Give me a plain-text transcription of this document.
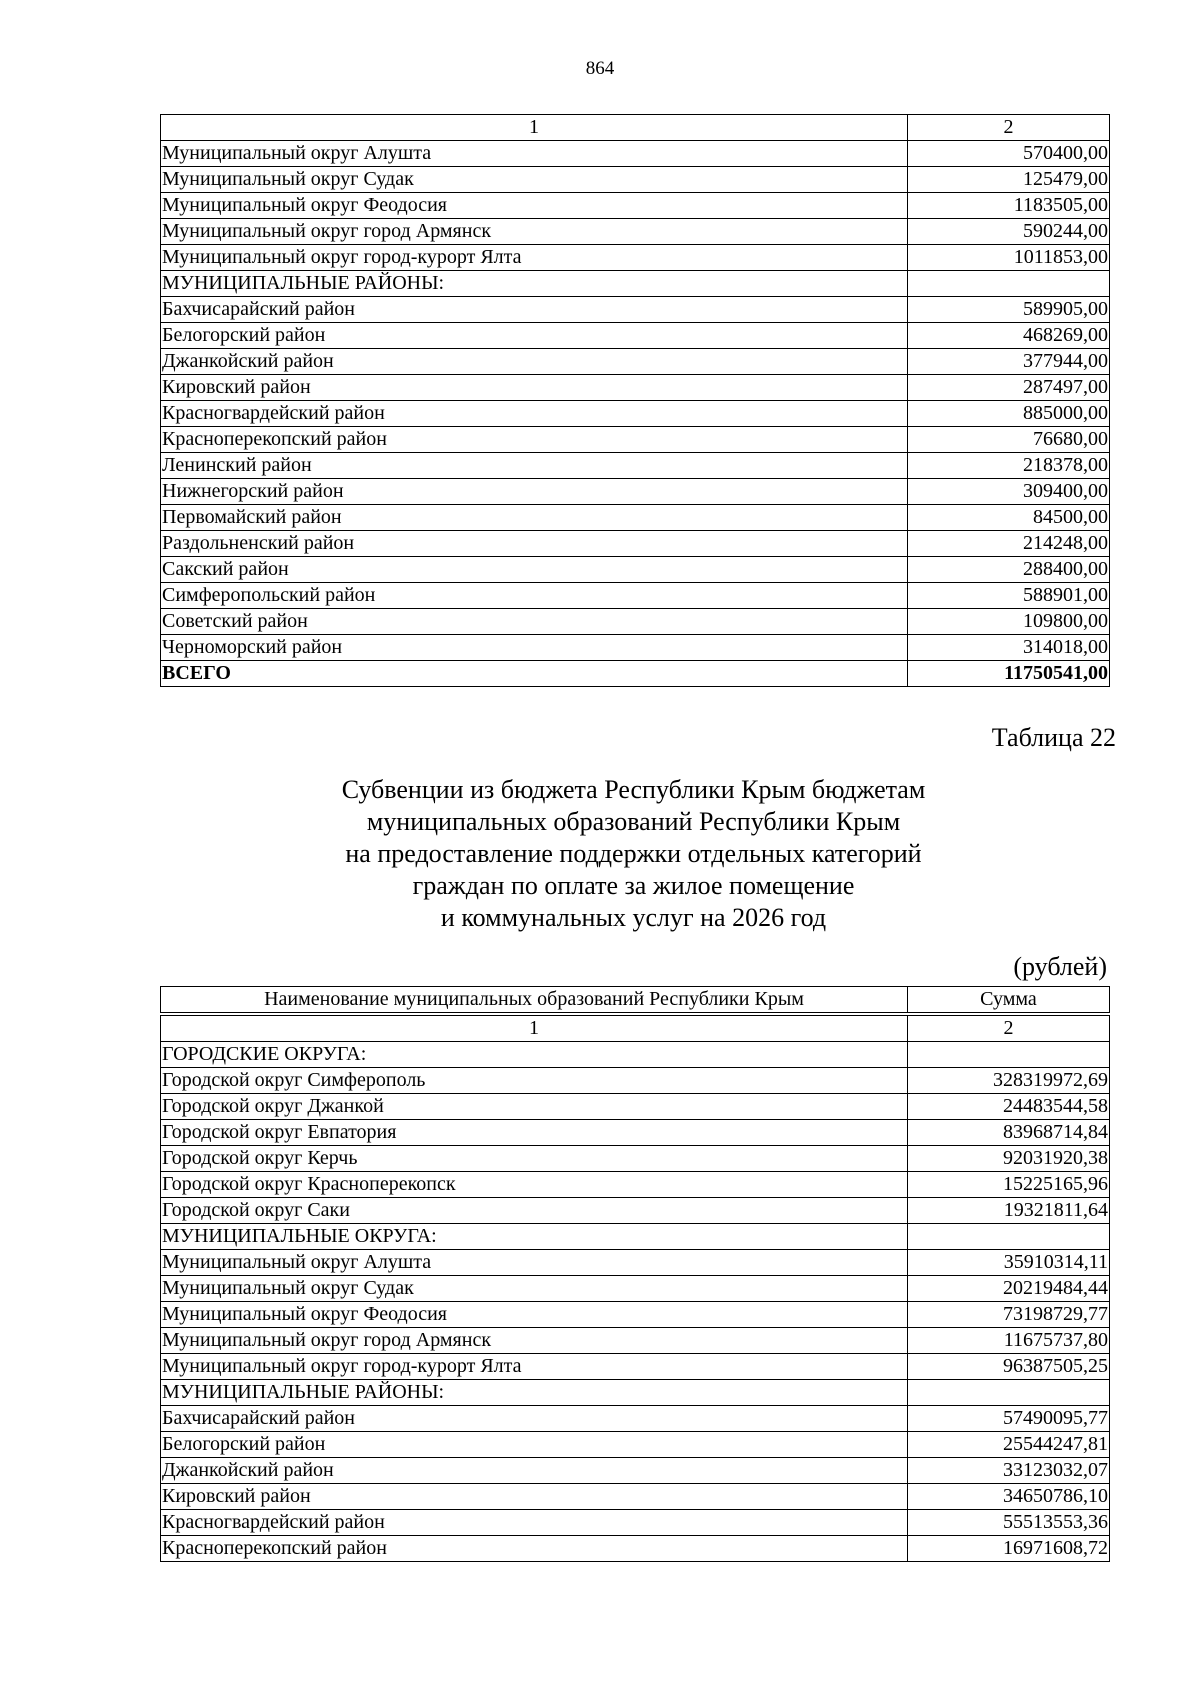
864
1	2
Муниципальный округ Алушта	570400,00
Муниципальный округ Судак	125479,00
Муниципальный округ Феодосия	1183505,00
Муниципальный округ город Армянск	590244,00
Муниципальный округ город-курорт Ялта	1011853,00
МУНИЦИПАЛЬНЫЕ РАЙОНЫ:	
Бахчисарайский район	589905,00
Белогорский район	468269,00
Джанкойский район	377944,00
Кировский район	287497,00
Красногвардейский район	885000,00
Красноперекопский район	76680,00
Ленинский район	218378,00
Нижнегорский район	309400,00
Первомайский район	84500,00
Раздольненский район	214248,00
Сакский район	288400,00
Симферопольский район	588901,00
Советский район	109800,00
Черноморский район	314018,00
ВСЕГО	11750541,00
Таблица 22
Субвенции из бюджета Республики Крым бюджетам
муниципальных образований Республики Крым
на предоставление поддержки отдельных категорий
граждан по оплате за жилое помещение
и коммунальных услуг на 2026 год
(рублей)
Наименование муниципальных образований Республики Крым	Сумма
1	2
ГОРОДСКИЕ ОКРУГА:	
Городской округ Симферополь	328319972,69
Городской округ Джанкой	24483544,58
Городской округ Евпатория	83968714,84
Городской округ Керчь	92031920,38
Городской округ Красноперекопск	15225165,96
Городской округ Саки	19321811,64
МУНИЦИПАЛЬНЫЕ ОКРУГА:	
Муниципальный округ Алушта	35910314,11
Муниципальный округ Судак	20219484,44
Муниципальный округ Феодосия	73198729,77
Муниципальный округ город Армянск	11675737,80
Муниципальный округ город-курорт Ялта	96387505,25
МУНИЦИПАЛЬНЫЕ РАЙОНЫ:	
Бахчисарайский район	57490095,77
Белогорский район	25544247,81
Джанкойский район	33123032,07
Кировский район	34650786,10
Красногвардейский район	55513553,36
Красноперекопский район	16971608,72
